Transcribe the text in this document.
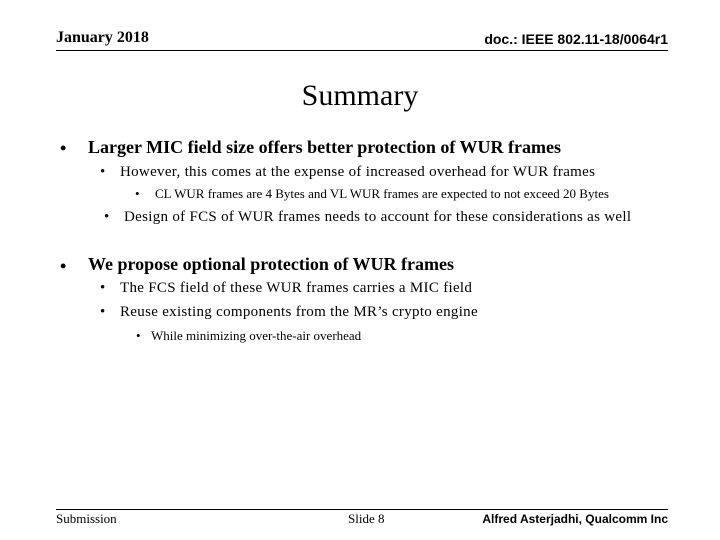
January 2018	doc.: IEEE 802.11-18/0064r1
Summary
• Larger MIC field size offers better protection of WUR frames
• However, this comes at the expense of increased overhead for WUR frames
• CL WUR frames are 4 Bytes and VL WUR frames are expected to not exceed 20 Bytes
• Design of FCS of WUR frames needs to account for these considerations as well
• We propose optional protection of WUR frames
• The FCS field of these WUR frames carries a MIC field
• Reuse existing components from the MR’s crypto engine
• While minimizing over-the-air overhead
Submission	Slide 8	Alfred Asterjadhi, Qualcomm Inc
